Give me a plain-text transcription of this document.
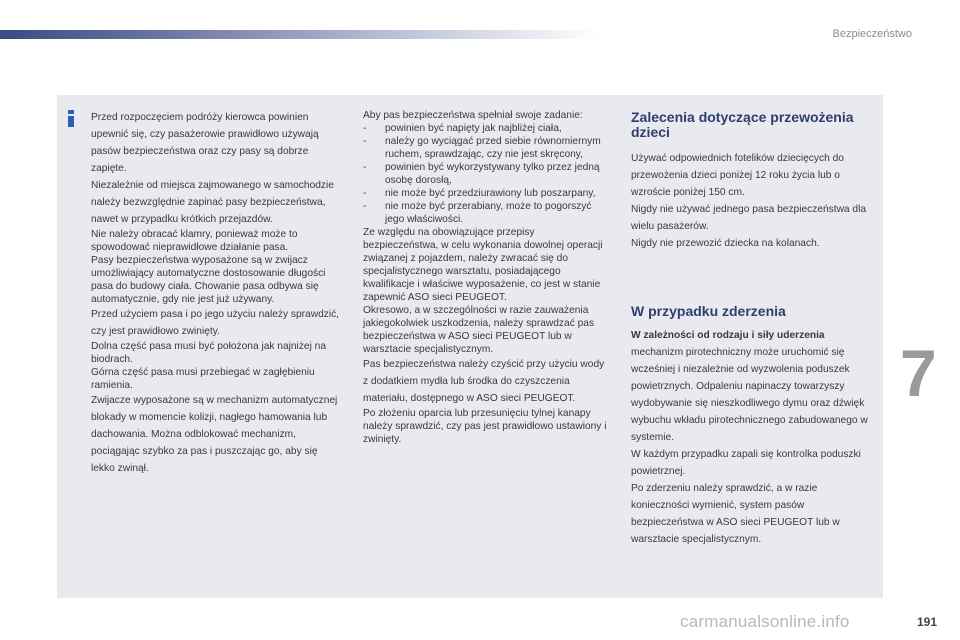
Bezpieczeństwo

Przed rozpoczęciem podróży kierowca powinien upewnić się, czy pasażerowie prawidłowo używają pasów bezpieczeństwa oraz czy pasy są dobrze zapięte.

Niezależnie od miejsca zajmowanego w samochodzie należy bezwzględnie zapinać pasy bezpieczeństwa, nawet w przypadku krótkich przejazdów.

Nie należy obracać klamry, ponieważ może to spowodować nieprawidłowe działanie pasa.

Pasy bezpieczeństwa wyposażone są w zwijacz umożliwiający automatyczne dostosowanie długości pasa do budowy ciała. Chowanie pasa odbywa się automatycznie, gdy nie jest już używany.

Przed użyciem pasa i po jego użyciu należy sprawdzić, czy jest prawidłowo zwinięty.

Dolna część pasa musi być położona jak najniżej na biodrach.

Górna część pasa musi przebiegać w zagłębieniu ramienia.

Zwijacze wyposażone są w mechanizm automatycznej blokady w momencie kolizji, nagłego hamowania lub dachowania. Można odblokować mechanizm, pociągając szybko za pas i puszczając go, aby się lekko zwinął.

Aby pas bezpieczeństwa spełniał swoje zadanie:

-	powinien być napięty jak najbliżej ciała,
-	należy go wyciągać przed siebie równomiernym ruchem, sprawdzając, czy nie jest skręcony,
-	powinien być wykorzystywany tylko przez jedną osobę dorosłą,
-	nie może być przedziurawiony lub poszarpany,
-	nie może być przerabiany, może to pogorszyć jego właściwości.

Ze względu na obowiązujące przepisy bezpieczeństwa, w celu wykonania dowolnej operacji związanej z pojazdem, należy zwracać się do specjalistycznego warsztatu, posiadającego kwalifikacje i właściwe wyposażenie, co jest w stanie zapewnić ASO sieci PEUGEOT.

Okresowo, a w szczególności w razie zauważenia jakiegokolwiek uszkodzenia, należy sprawdzać pas bezpieczeństwa w ASO sieci PEUGEOT lub w warsztacie specjalistycznym.

Pas bezpieczeństwa należy czyścić przy użyciu wody z dodatkiem mydła lub środka do czyszczenia materiału, dostępnego w ASO sieci PEUGEOT.

Po złożeniu oparcia lub przesunięciu tylnej kanapy należy sprawdzić, czy pas jest prawidłowo ustawiony i zwinięty.

Zalecenia dotyczące przewożenia dzieci

Używać odpowiednich fotelików dziecięcych do przewożenia dzieci poniżej 12 roku życia lub o wzroście poniżej 150 cm.

Nigdy nie używać jednego pasa bezpieczeństwa dla wielu pasażerów.

Nigdy nie przewozić dziecka na kolanach.

W przypadku zderzenia

W zależności od rodzaju i siły uderzenia

mechanizm pirotechniczny może uruchomić się wcześniej i niezależnie od wyzwolenia poduszek powietrznych. Odpaleniu napinaczy towarzyszy wydobywanie się nieszkodliwego dymu oraz dźwięk wybuchu wkładu pirotechnicznego zabudowanego w systemie.

W każdym przypadku zapali się kontrolka poduszki powietrznej.

Po zderzeniu należy sprawdzić, a w razie konieczności wymienić, system pasów bezpieczeństwa w ASO sieci PEUGEOT lub w warsztacie specjalistycznym.

7
carmanualsonline.info	191
